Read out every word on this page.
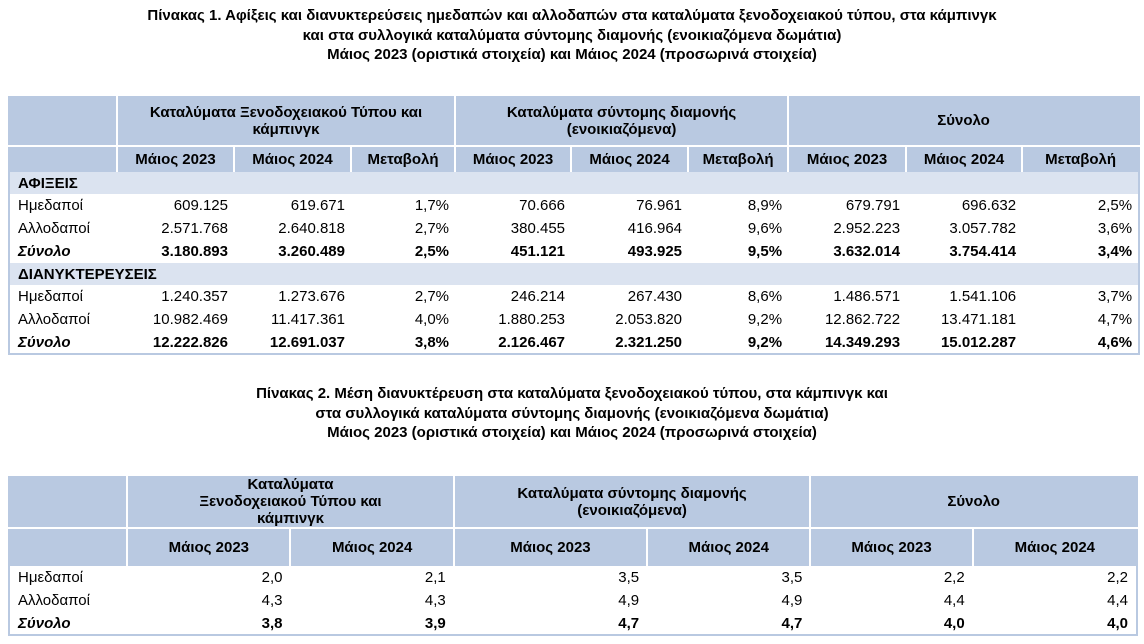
Πίνακας 1. Αφίξεις και διανυκτερεύσεις ημεδαπών και αλλοδαπών στα καταλύματα ξενοδοχειακού τύπου, στα κάμπινγκ
και στα συλλογικά καταλύματα σύντομης διαμονής (ενοικιαζόμενα δωμάτια)
Μάιος 2023 (οριστικά στοιχεία) και Μάιος 2024 (προσωρινά στοιχεία)
	Καταλύματα Ξενοδοχειακού Τύπου και κάμπινγκ			Καταλύματα σύντομης διαμονής (ενοικιαζόμενα)			Σύνολο		
	Μάιος 2023	Μάιος 2024	Μεταβολή	Μάιος 2023	Μάιος 2024	Μεταβολή	Μάιος 2023	Μάιος 2024	Μεταβολή
ΑΦΙΞΕΙΣ									
Ημεδαποί	609.125	619.671	1,7%	70.666	76.961	8,9%	679.791	696.632	2,5%
Αλλοδαποί	2.571.768	2.640.818	2,7%	380.455	416.964	9,6%	2.952.223	3.057.782	3,6%
Σύνολο	3.180.893	3.260.489	2,5%	451.121	493.925	9,5%	3.632.014	3.754.414	3,4%
ΔΙΑΝΥΚΤΕΡΕΥΣΕΙΣ									
Ημεδαποί	1.240.357	1.273.676	2,7%	246.214	267.430	8,6%	1.486.571	1.541.106	3,7%
Αλλοδαποί	10.982.469	11.417.361	4,0%	1.880.253	2.053.820	9,2%	12.862.722	13.471.181	4,7%
Σύνολο	12.222.826	12.691.037	3,8%	2.126.467	2.321.250	9,2%	14.349.293	15.012.287	4,6%
Πίνακας 2. Μέση διανυκτέρευση στα καταλύματα ξενοδοχειακού τύπου, στα κάμπινγκ και
στα συλλογικά καταλύματα σύντομης διαμονής (ενοικιαζόμενα δωμάτια)
Μάιος 2023 (οριστικά στοιχεία) και Μάιος 2024 (προσωρινά στοιχεία)
	Καταλύματα Ξενοδοχειακού Τύπου και κάμπινγκ		Καταλύματα σύντομης διαμονής (ενοικιαζόμενα)		Σύνολο	
	Μάιος 2023	Μάιος 2024	Μάιος 2023	Μάιος 2024	Μάιος 2023	Μάιος 2024
Ημεδαποί	2,0	2,1	3,5	3,5	2,2	2,2
Αλλοδαποί	4,3	4,3	4,9	4,9	4,4	4,4
Σύνολο	3,8	3,9	4,7	4,7	4,0	4,0
